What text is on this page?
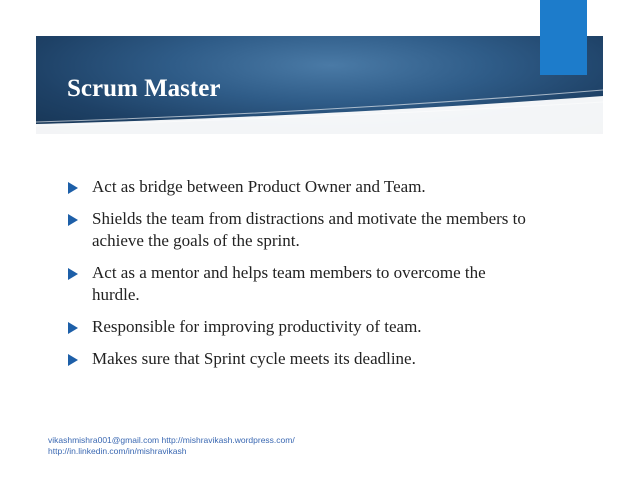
Scrum Master
Act as bridge between Product Owner and Team.
Shields the team from distractions and motivate the members to achieve the goals of the sprint.
Act as a mentor and helps team members to overcome the hurdle.
Responsible for improving productivity of team.
Makes sure that Sprint cycle meets its deadline.
vikashmishra001@gmail.com http://mishravikash.wordpress.com/
http://in.linkedin.com/in/mishravikash
